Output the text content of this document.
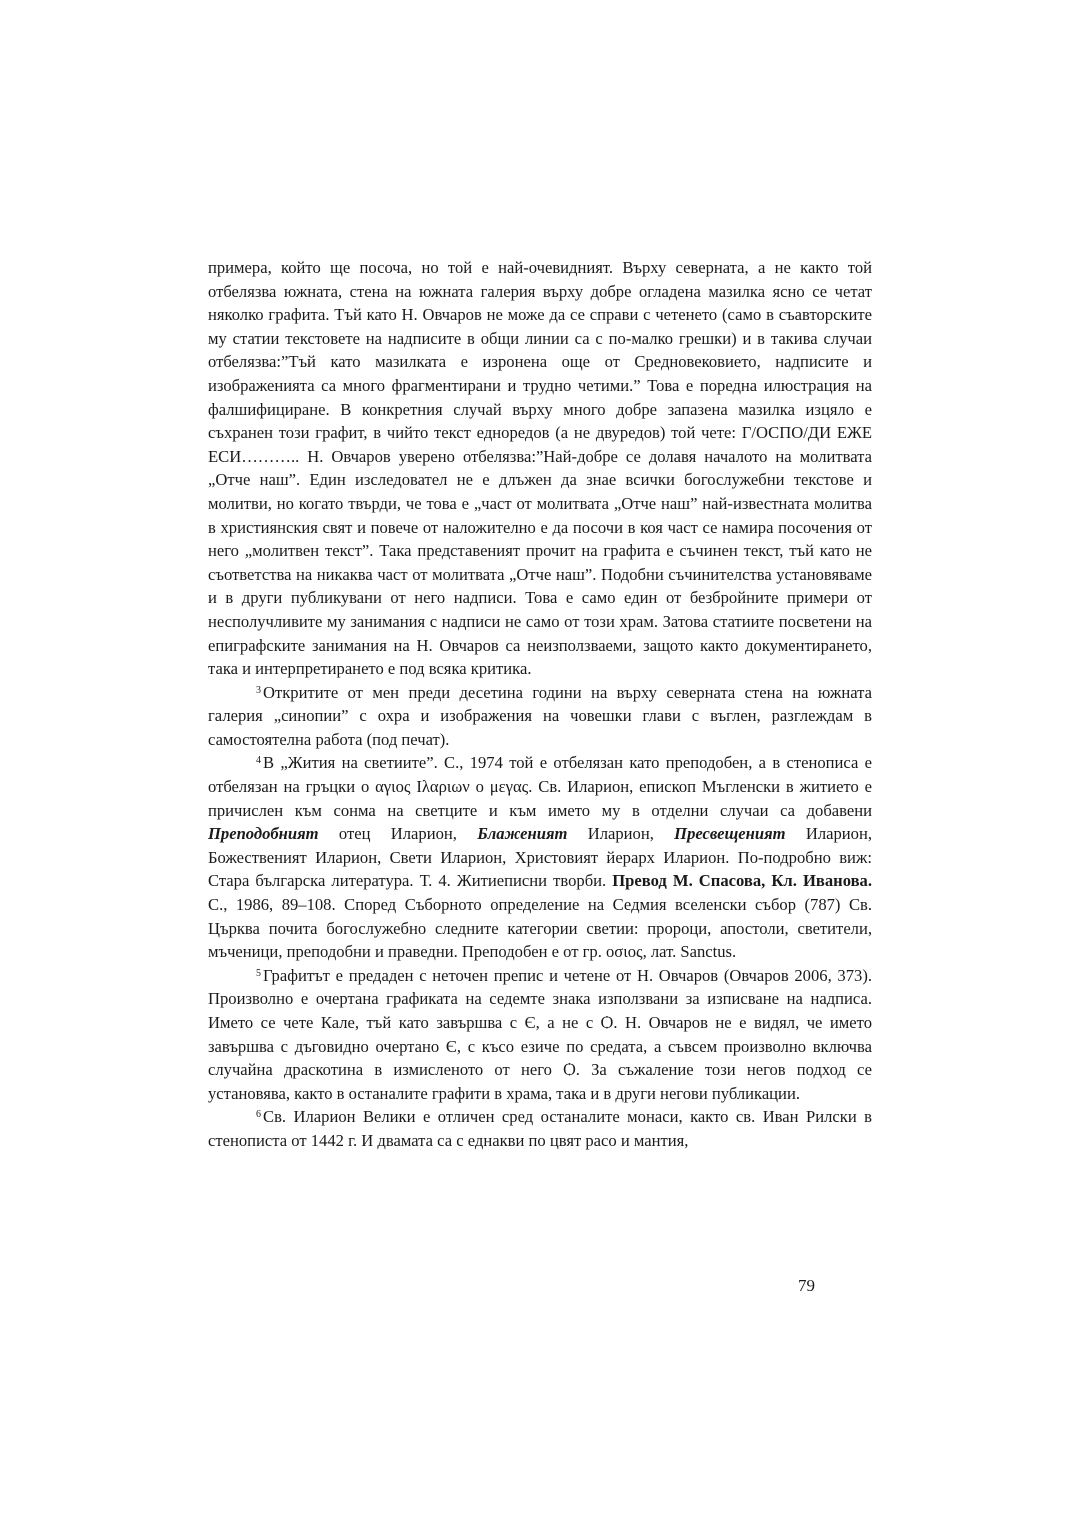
примера, който ще посоча, но той е най-очевидният. Върху северната, а не както той отбелязва южната, стена на южната галерия върху добре огладена мазилка ясно се четат няколко графита. Тъй като Н. Овчаров не може да се справи с четенето (само в съавторските му статии текстовете на надписите в общи линии са с по-малко грешки) и в такива случаи отбелязва:”Тъй като мазилката е изронена още от Средновековието, надписите и изображенията са много фрагментирани и трудно четими.” Това е поредна илюстрация на фалшифициране. В конкретния случай върху много добре запазена мазилка изцяло е съхранен този графит, в чийто текст едноредов (а не двуредов) той чете: Г/ОСПО/ДИ ЕЖЕ ЕСИ……….. Н. Овчаров уверено отбелязва:”Най-добре се долавя началото на молитвата „Отче наш”. Един изследовател не е длъжен да знае всички богослужебни текстове и молитви, но когато твърди, че това е „част от молитвата „Отче наш” най-известната молитва в християнския свят и повече от наложително е да посочи в коя част се намира посочения от него „молитвен текст”. Така представеният прочит на графита е съчинен текст, тъй като не съответства на никаква част от молитвата „Отче наш”. Подобни съчинителства установяваме и в други публикувани от него надписи. Това е само един от безбройните примери от несполучливите му занимания с надписи не само от този храм. Затова статиите посветени на епиграфските занимания на Н. Овчаров са неизползваеми, защото както документирането, така и интерпретирането е под всяка критика.

$^3$ Откритите от мен преди десетина години на върху северната стена на южната галерия „синопии” с охра и изображения на човешки глави с въглен, разглеждам в самостоятелна работа (под печат).

$^4$ В „Жития на светиите”. С., 1974 той е отбелязан като преподобен, а в стенописа е отбелязан на гръцки ο αγιος Ιλαριων ο μεγας. Св. Иларион, епископ Мъгленски в житието е причислен към сонма на светците и към името му в отделни случаи са добавени Преподобният отец Иларион, Блаженият Иларион, Пресвещеният Иларион, Божественият Иларион, Свети Иларион, Христовият йерарх Иларион. По-подробно виж: Стара българска литература. Т. 4. Житиеписни творби. Превод М. Спасова, Кл. Иванова. С., 1986, 89–108. Според Съборното определение на Седмия вселенски събор (787) Св. Църква почита богослужебно следните категории светии: пророци, апостоли, светители, мъченици, преподобни и праведни. Преподобен е от гр. οσιος, лат. Sanctus.

$^5$ Графитът е предаден с неточен препис и четене от Н. Овчаров (Овчаров 2006, 373). Произволно е очертана графиката на седемте знака използвани за изписване на надписа. Името се чете Кале, тъй като завършва с Є, а не с Ѻ. Н. Овчаров не е видял, че името завършва с дъговидно очертано Є, с късо езиче по средата, а съвсем произволно включва случайна драскотина в измисленото от него Ѻ. За съжаление този негов подход се установява, както в останалите графити в храма, така и в други негови публикации.

$^6$ Св. Иларион Велики е отличен сред останалите монаси, както св. Иван Рилски в стенописта от 1442 г. И двамата са с еднакви по цвят расо и мантия,

79
